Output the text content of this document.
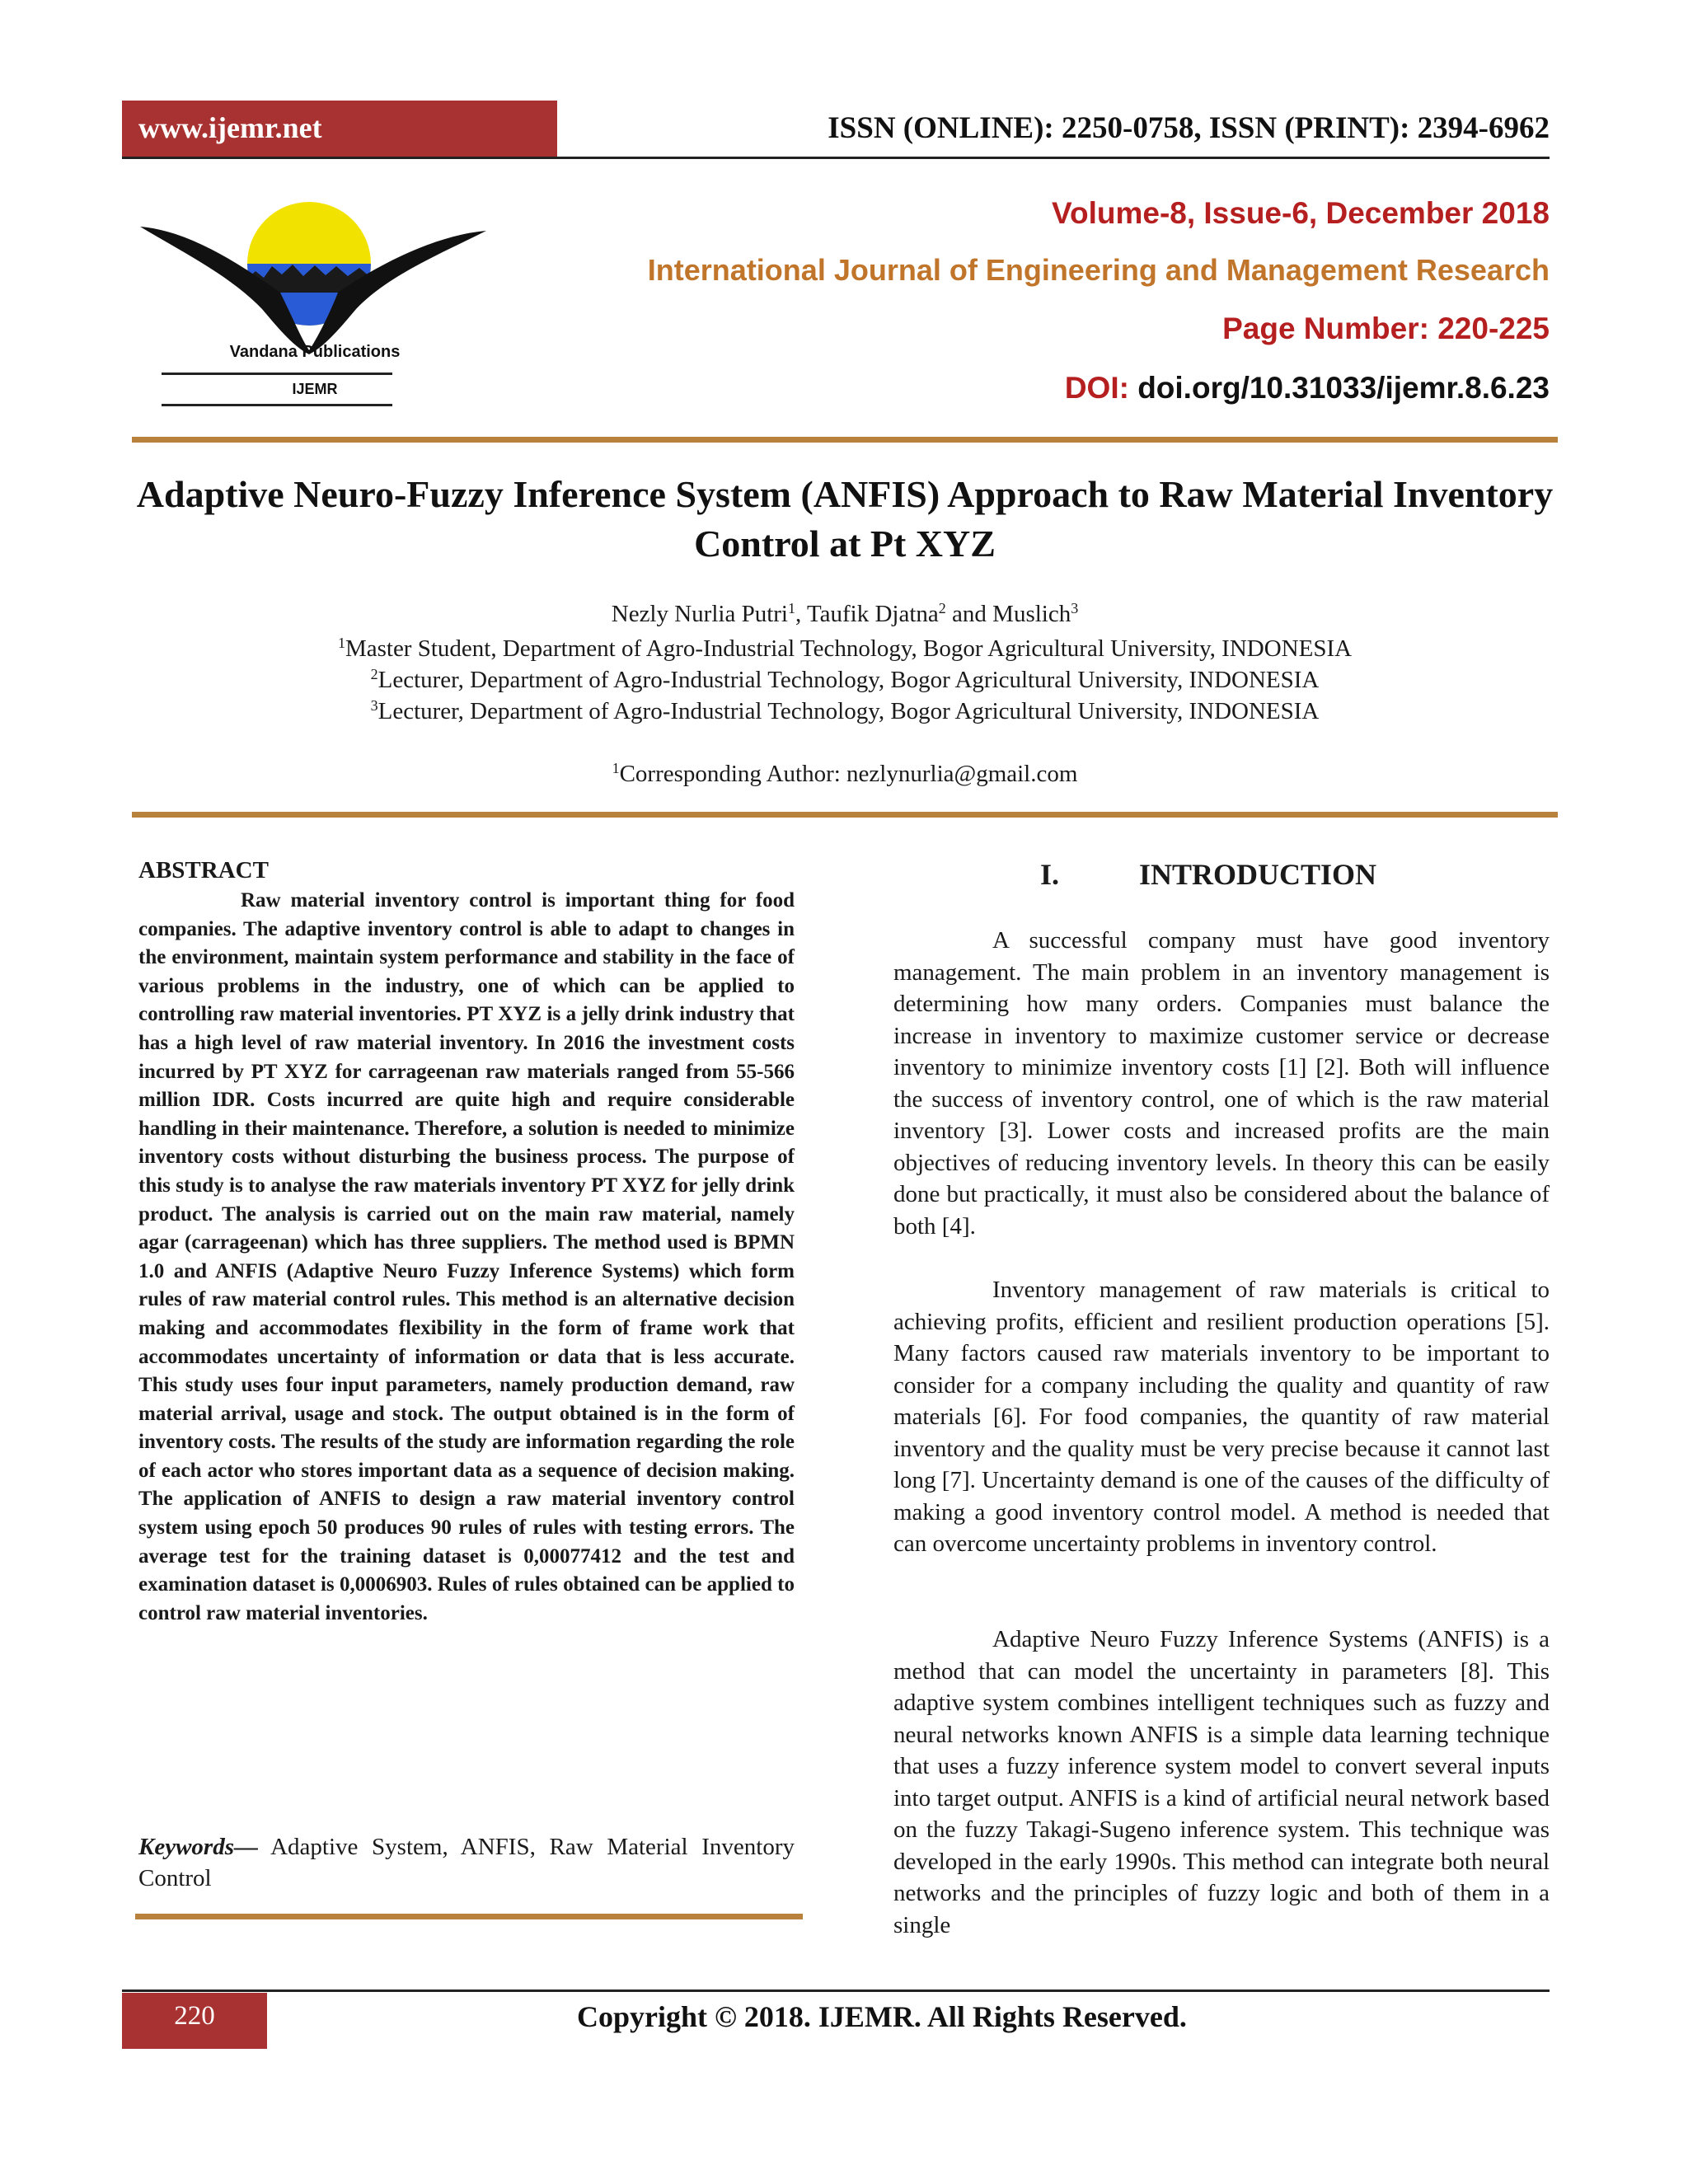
www.ijemr.net	ISSN (ONLINE): 2250-0758, ISSN (PRINT): 2394-6962
Vandana Publications
IJEMR
Volume-8, Issue-6, December 2018
International Journal of Engineering and Management Research
Page Number: 220-225
DOI: doi.org/10.31033/ijemr.8.6.23
Adaptive Neuro-Fuzzy Inference System (ANFIS) Approach to Raw Material Inventory Control at Pt XYZ
Nezly Nurlia Putri$^1$, Taufik Djatna$^2$ and Muslich$^3$
$^1$Master Student, Department of Agro-Industrial Technology, Bogor Agricultural University, INDONESIA
$^2$Lecturer, Department of Agro-Industrial Technology, Bogor Agricultural University, INDONESIA
$^3$Lecturer, Department of Agro-Industrial Technology, Bogor Agricultural University, INDONESIA
$^1$Corresponding Author: nezlynurlia@gmail.com
ABSTRACT

Raw material inventory control is important thing for food companies. The adaptive inventory control is able to adapt to changes in the environment, maintain system performance and stability in the face of various problems in the industry, one of which can be applied to controlling raw material inventories. PT XYZ is a jelly drink industry that has a high level of raw material inventory. In 2016 the investment costs incurred by PT XYZ for carrageenan raw materials ranged from 55-566 million IDR. Costs incurred are quite high and require considerable handling in their maintenance. Therefore, a solution is needed to minimize inventory costs without disturbing the business process. The purpose of this study is to analyse the raw materials inventory PT XYZ for jelly drink product. The analysis is carried out on the main raw material, namely agar (carrageenan) which has three suppliers. The method used is BPMN 1.0 and ANFIS (Adaptive Neuro Fuzzy Inference Systems) which form rules of raw material control rules. This method is an alternative decision making and accommodates flexibility in the form of frame work that accommodates uncertainty of information or data that is less accurate. This study uses four input parameters, namely production demand, raw material arrival, usage and stock. The output obtained is in the form of inventory costs. The results of the study are information regarding the role of each actor who stores important data as a sequence of decision making. The application of ANFIS to design a raw material inventory control system using epoch 50 produces 90 rules of rules with testing errors. The average test for the training dataset is 0,00077412 and the test and examination dataset is 0,0006903. Rules of rules obtained can be applied to control raw material inventories.

Keywords— Adaptive System, ANFIS, Raw Material Inventory Control

I.	INTRODUCTION

A successful company must have good inventory management. The main problem in an inventory management is determining how many orders. Companies must balance the increase in inventory to maximize customer service or decrease inventory to minimize inventory costs [1] [2]. Both will influence the success of inventory control, one of which is the raw material inventory [3]. Lower costs and increased profits are the main objectives of reducing inventory levels. In theory this can be easily done but practically, it must also be considered about the balance of both [4].

Inventory management of raw materials is critical to achieving profits, efficient and resilient production operations [5]. Many factors caused raw materials inventory to be important to consider for a company including the quality and quantity of raw materials [6]. For food companies, the quantity of raw material inventory and the quality must be very precise because it cannot last long [7]. Uncertainty demand is one of the causes of the difficulty of making a good inventory control model. A method is needed that can overcome uncertainty problems in inventory control.

Adaptive Neuro Fuzzy Inference Systems (ANFIS) is a method that can model the uncertainty in parameters [8]. This adaptive system combines intelligent techniques such as fuzzy and neural networks known ANFIS is a simple data learning technique that uses a fuzzy inference system model to convert several inputs into target output. ANFIS is a kind of artificial neural network based on the fuzzy Takagi-Sugeno inference system. This technique was developed in the early 1990s. This method can integrate both neural networks and the principles of fuzzy logic and both of them in a single

220	Copyright © 2018. IJEMR. All Rights Reserved.
